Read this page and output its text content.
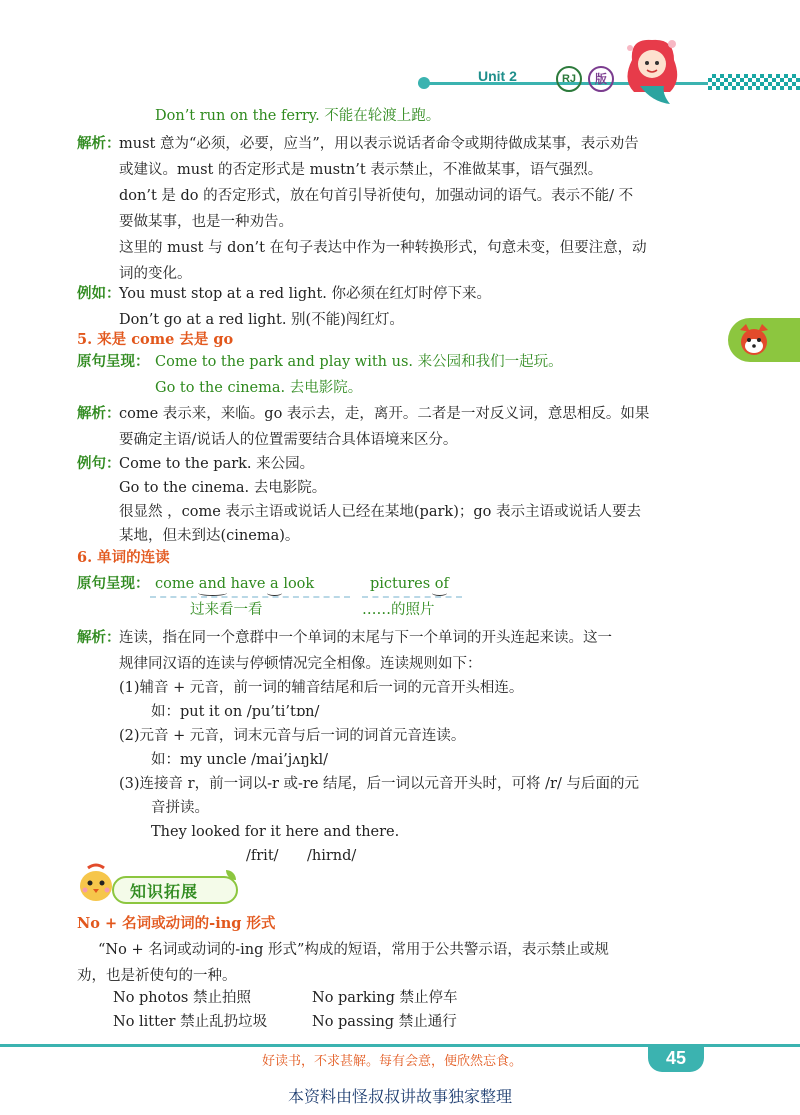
Unit 2	RJ	版
Don’t run on the ferry. 不能在轮渡上跑。
解析：
must 意为“必须，必要，应当”，用以表示说话者命令或期待做成某事，表示劝告
或建议。must 的否定形式是 mustn’t 表示禁止，不准做某事，语气强烈。
don’t 是 do 的否定形式，放在句首引导祈使句，加强动词的语气。表示不能/ 不
要做某事，也是一种劝告。
这里的 must 与 don’t 在句子表达中作为一种转换形式，句意未变，但要注意，动
词的变化。
例如：
You must stop at a red light. 你必须在红灯时停下来。
Don’t go at a red light. 别(不能)闯红灯。
5. 来是 come 去是 go
原句呈现： Come to the park and play with us. 来公园和我们一起玩。
Go to the cinema. 去电影院。
解析：
come 表示来，来临。go 表示去，走，离开。二者是一对反义词，意思相反。如果
要确定主语/说话人的位置需要结合具体语境来区分。
例句：
Come to the park. 来公园。
Go to the cinema. 去电影院。
很显然 ，come 表示主语或说话人已经在某地(park)；go 表示主语或说话人要去
某地，但未到达(cinema)。
6. 单词的连读
原句呈现： come and have a look	pictures of
过来看一看	……的照片
解析：
连读，指在同一个意群中一个单词的末尾与下一个单词的开头连起来读。这一
规律同汉语的连读与停顿情况完全相像。连读规则如下：
(1)辅音 + 元音，前一词的辅音结尾和后一词的元音开头相连。
如：put it on /pu’ti’tɒn/
(2)元音 + 元音，词末元音与后一词的词首元音连读。
如：my uncle /mai’jʌŋkl/
(3)连接音 r，前一词以-r 或-re 结尾，后一词以元音开头时，可将 /r/ 与后面的元
音拼读。
They looked for it here and there.
/frit/ /hirnd/
知识拓展
No + 名词或动词的-ing 形式
“No + 名词或动词的-ing 形式”构成的短语，常用于公共警示语，表示禁止或规
劝，也是祈使句的一种。
No photos 禁止拍照	No parking 禁止停车
No litter 禁止乱扔垃圾	No passing 禁止通行
好读书，不求甚解。每有会意，便欣然忘食。	45
本资料由怪叔叔讲故事独家整理
